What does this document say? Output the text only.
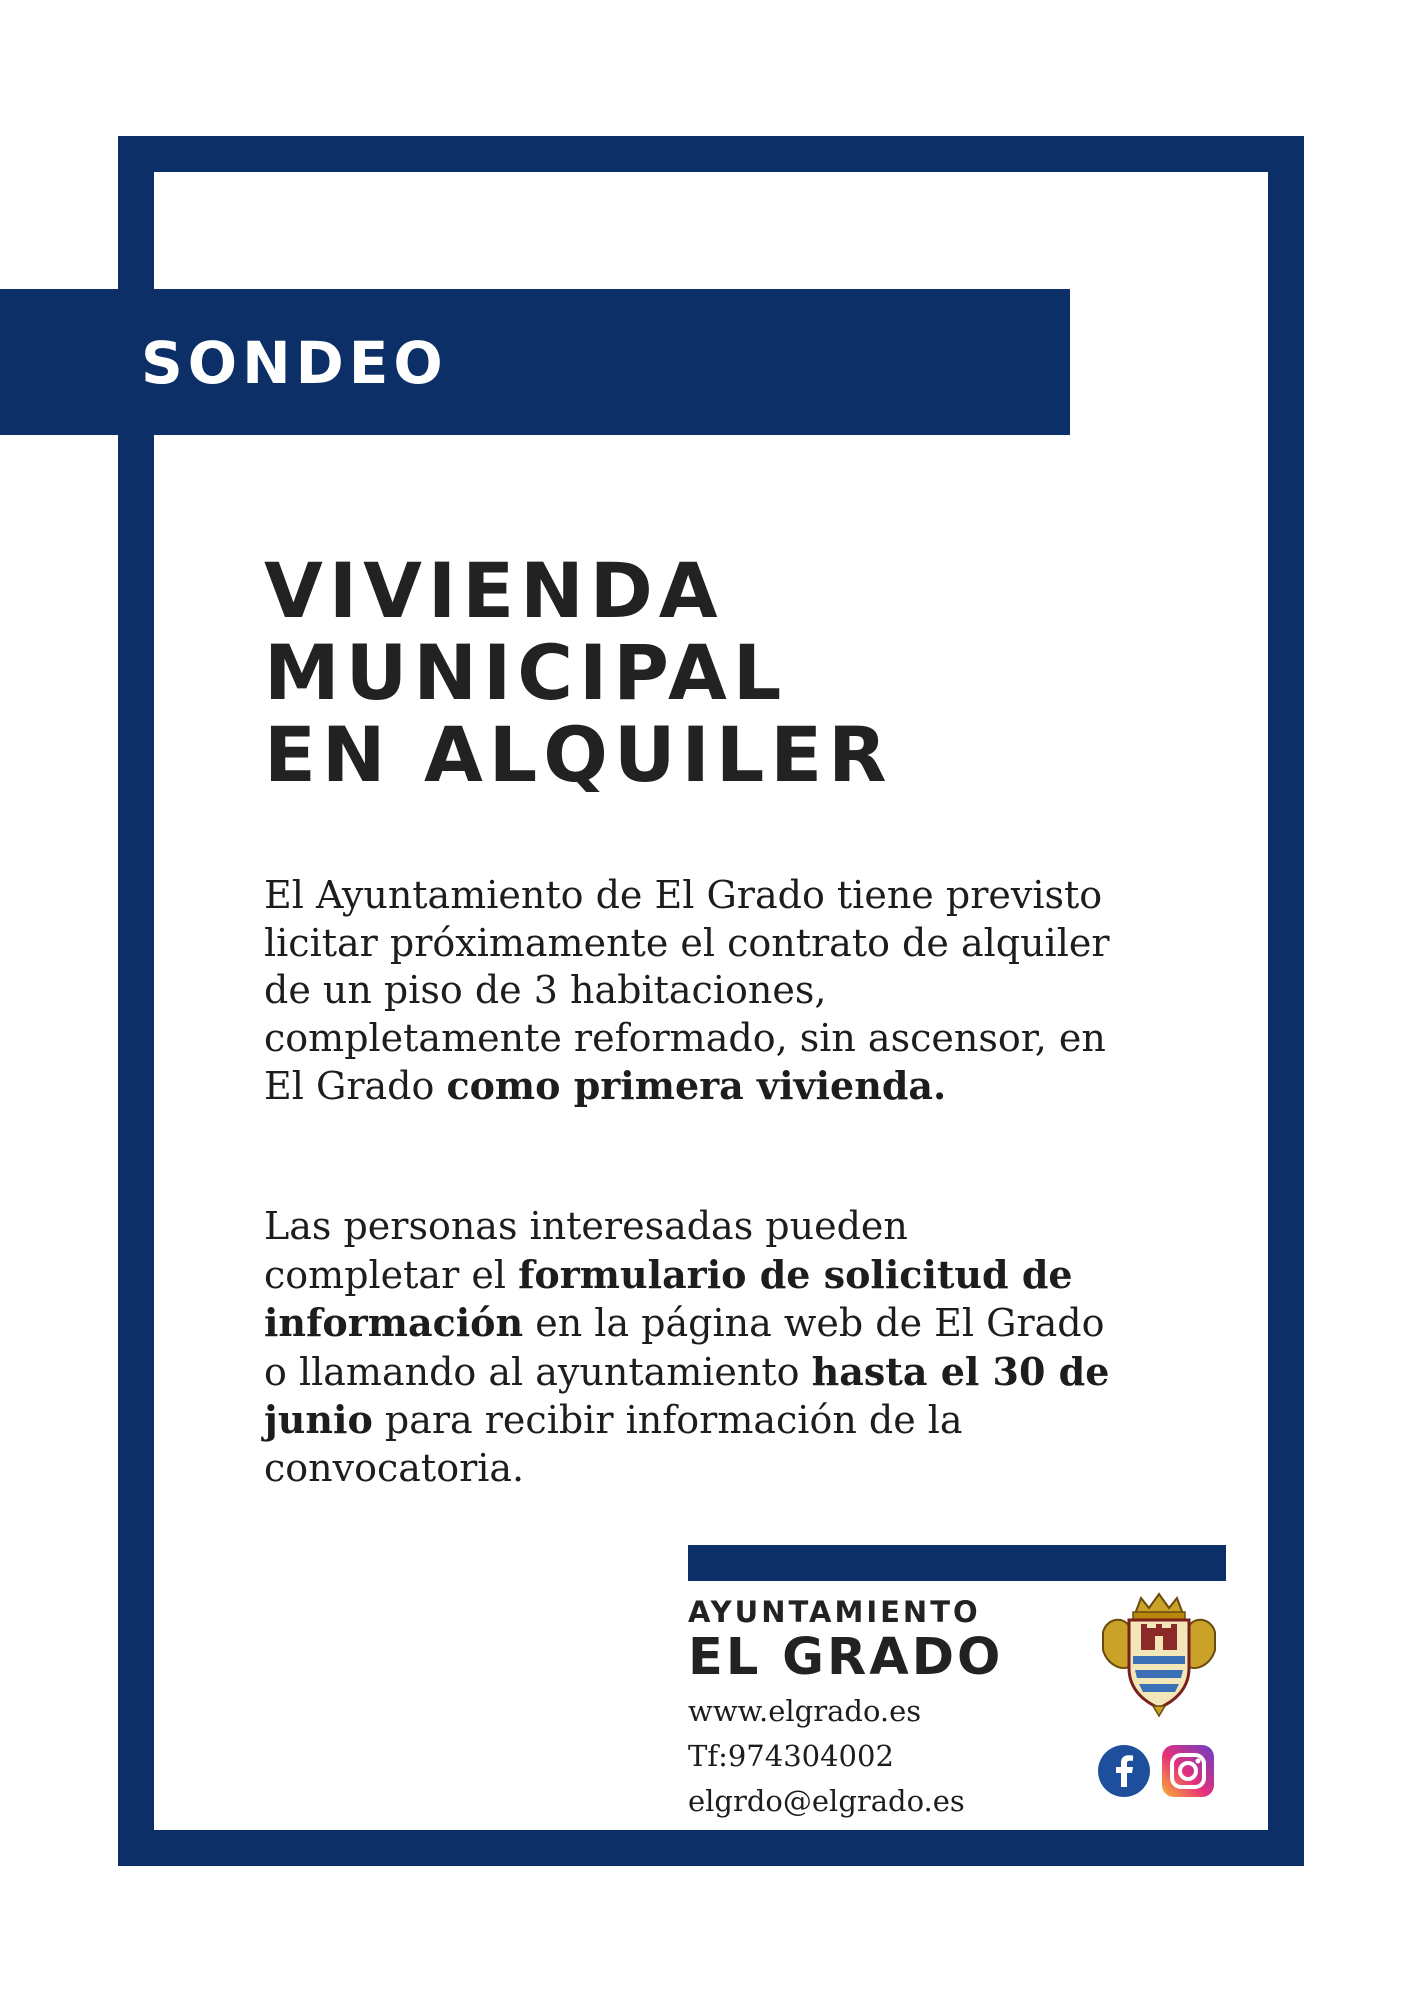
SONDEO
VIVIENDA
MUNICIPAL
EN ALQUILER
El Ayuntamiento de El Grado tiene previsto licitar próximamente el contrato de alquiler de un piso de 3 habitaciones, completamente reformado, sin ascensor, en El Grado como primera vivienda.
Las personas interesadas pueden completar el formulario de solicitud de información en la página web de El Grado o llamando al ayuntamiento hasta el 30 de junio para recibir información de la convocatoria.
AYUNTAMIENTO
EL GRADO
www.elgrado.es
Tf:974304002
elgrdo@elgrado.es
